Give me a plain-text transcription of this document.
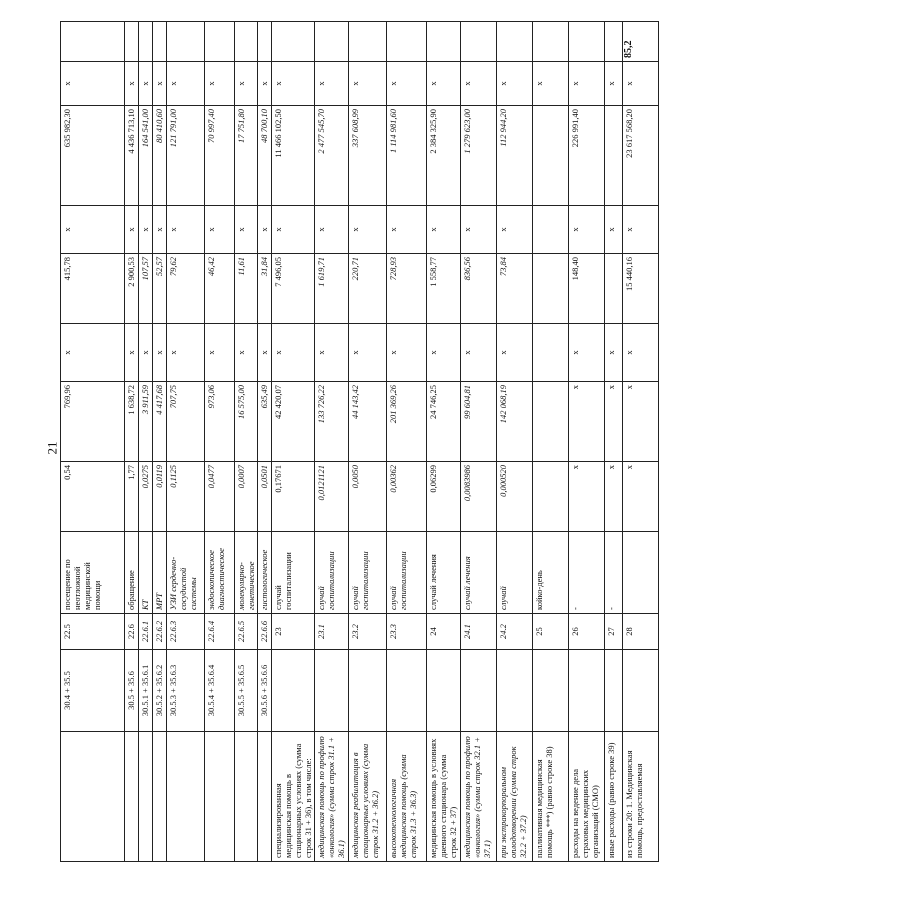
21
	30.4 + 35.5	22.5	посещение по неотложной медицинской помощи	0,54	769,96	x	415,78	x	635 982,30	x	
	30.5 + 35.6	22.6	обращение	1,77	1 638,72	x	2 900,53	x	4 436 713,10	x	
	30.5.1 + 35.6.1	22.6.1	КТ	0,0275	3 911,59	x	107,57	x	164 541,00	x	
	30.5.2 + 35.6.2	22.6.2	МРТ	0,0119	4 417,68	x	52,57	x	80 410,60	x	
	30.5.3 + 35.6.3	22.6.3	УЗИ сердечно-сосудистой системы	0,1125	707,75	x	79,62	x	121 791,00	x	
	30.5.4 + 35.6.4	22.6.4	эндоскопическое диагностическое	0,0477	973,06	x	46,42	x	70 997,40	x	
	30.5.5 + 35.6.5	22.6.5	молекулярно-генетическое	0,0007	16 575,00	x	11,61	x	17 751,80	x	
	30.5.6 + 35.6.6	22.6.6	гистологическое	0,0501	635,49	x	31,84	x	48 700,10	x	
специализированная медицинская помощь в стационарных условиях (сумма строк 31 + 36), в том числе:		23	случай госпитализации	0,17671	42 420,07	x	7 496,05	x	11 466 102,50	x	
медицинская помощь по профилю «онкология» (сумма строк 31.1 + 36.1)		23.1	случай госпитализации	0,0121121	133 726,22	x	1 619,71	x	2 477 545,70	x	
медицинская реабилитация в стационарных условиях (сумма строк 31.2 + 36.2)		23.2	случай госпитализации	0,0050	44 143,42	x	220,71	x	337 608,99	x	
высокотехнологичная медицинская помощь (сумма строк 31.3 + 36.3)		23.3	случай госпитализации	0,00362	201 369,26	x	728,93	x	1 114 981,60	x	
медицинская помощь в условиях дневного стационара (сумма строк 32 + 37)		24	случай лечения	0,06299	24 746,25	x	1 558,77	x	2 384 325,90	x	
медицинская помощь по профилю «онкология» (сумма строк 32.1 + 37.1)		24.1	случай лечения	0,0083986	99 604,81	x	836,56	x	1 279 623,00	x	
при экстракорпоральном оплодотворении (сумма строк 32.2 + 37.2)		24.2	случай	0,000520	142 068,19	x	73,84	x	112 944,20	x	
паллиативная медицинская помощь ***) (равно строке 38)		25	койко-день							x	
расходы на ведение дела страховых медицинских организаций (СМО)		26	-	x	x	x	148,40	x	226 991,40	x	
иные расходы (равно строке 39)		27	-	x	x	x		x		x	
из строки 20: 1. Медицинская помощь, предоставляемая		28		x	x	x	15 440,16	x	23 617 568,20	x	85,2
